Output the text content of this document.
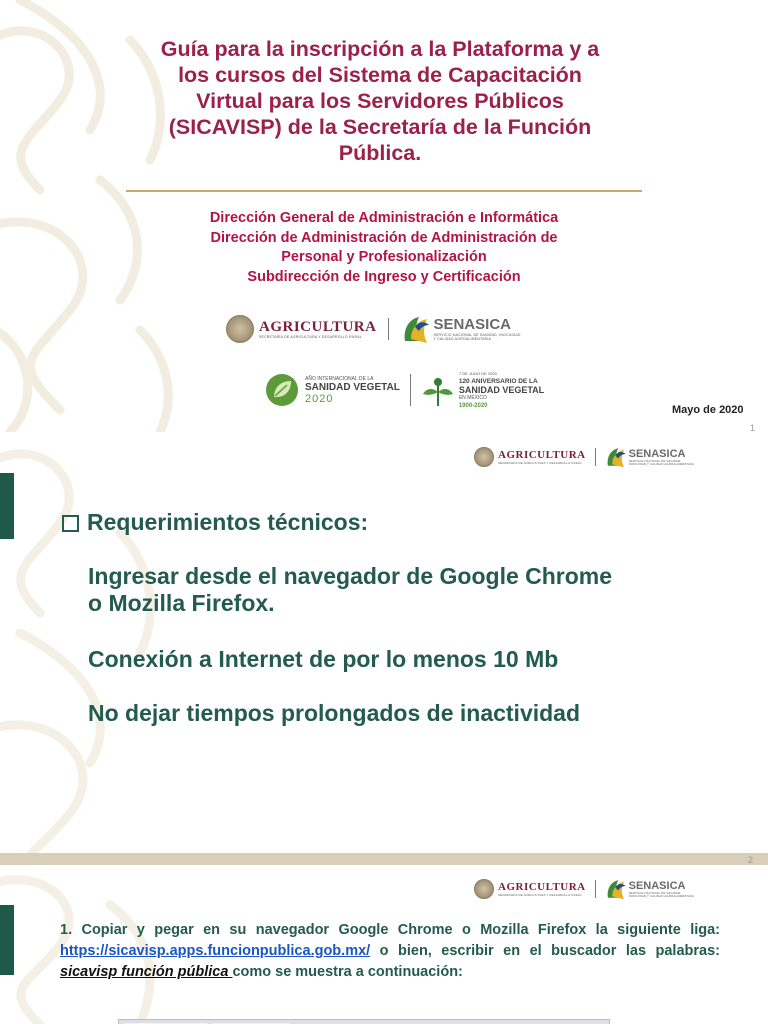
Guía para la inscripción a la Plataforma y a
los cursos del Sistema de Capacitación
Virtual para los Servidores Públicos
(SICAVISP) de la Secretaría de la Función
Pública.
Dirección General de Administración e Informática
Dirección de Administración de Administración de
Personal y Profesionalización
Subdirección de Ingreso y Certificación
AGRICULTURA
SECRETARÍA DE AGRICULTURA Y DESARROLLO RURAL
SENASICA
SERVICIO NACIONAL DE SANIDAD, INOCUIDAD Y CALIDAD AGROALIMENTARIA
AÑO INTERNACIONAL DE LA
SANIDAD VEGETAL
2020
7 DE JULIO DE 2020
120 ANIVERSARIO DE LA
SANIDAD VEGETAL
EN MÉXICO
1900-2020	Mayo de 2020
1
AGRICULTURA
SECRETARÍA DE AGRICULTURA Y DESARROLLO RURAL
SENASICA
SERVICIO NACIONAL DE SANIDAD, INOCUIDAD Y CALIDAD AGROALIMENTARIA
Requerimientos técnicos:
Ingresar desde el navegador de Google Chrome
o Mozilla Firefox.
Conexión a Internet de por lo menos 10 Mb
No dejar tiempos prolongados de inactividad
2
AGRICULTURA
SECRETARÍA DE AGRICULTURA Y DESARROLLO RURAL
SENASICA
SERVICIO NACIONAL DE SANIDAD, INOCUIDAD Y CALIDAD AGROALIMENTARIA
1. Copiar y pegar en su navegador Google Chrome o Mozilla Firefox la siguiente liga: https://sicavisp.apps.funcionpublica.gob.mx/ o bien, escribir en el buscador las palabras: sicavisp función pública como se muestra a continuación:
